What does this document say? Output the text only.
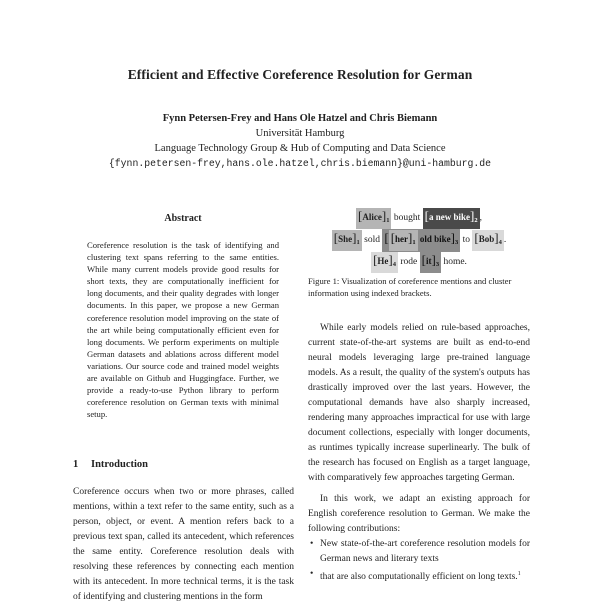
Efficient and Effective Coreference Resolution for German
Fynn Petersen-Frey and Hans Ole Hatzel and Chris Biemann
Universität Hamburg
Language Technology Group & Hub of Computing and Data Science
{fynn.petersen-frey,hans.ole.hatzel,chris.biemann}@uni-hamburg.de
Abstract

Coreference resolution is the task of identifying and clustering text spans referring to the same entities. While many current models provide good results for short texts, they are computationally inefficient for long documents, and their quality degrades with longer documents. In this paper, we propose a new German coreference resolution model improving on the state of the art while being computationally efficient even for long documents. We perform experiments on multiple German datasets and ablations across different model variations. Our source code and trained model weights are available on Github and Huggingface. Further, we provide a ready-to-use Python library to perform coreference resolution on German texts with minimal setup.

1 Introduction

Coreference occurs when two or more phrases, called mentions, within a text refer to the same entity, such as a person, object, or event. A mention refers back to a previous text span, called its antecedent, which references the same entity. Coreference resolution deals with resolving these references by connecting each mention with its antecedent. In more technical terms, it is the task of identifying and clustering mentions in the form

$[Alice]_1$ bought [a new $bike]_2$ ,
$[She]_1$ sold [ $[her]_1$ old $bike]_3$ to $[Bob]_4$ .
$[He]_4$ rode $[it]_3$ home.
Figure 1: Visualization of coreference mentions and cluster information using indexed brackets.

While early models relied on rule-based approaches, current state-of-the-art systems are built as end-to-end neural models leveraging large pre-trained language models. As a result, the quality of the system's outputs has drastically improved over the last years. However, the computational demands have also sharply increased, rendering many approaches impractical for use with large document collections, especially with longer documents, as runtimes typically increase superlinearly. The bulk of the research has focused on English as a target language, with comparatively few approaches targeting German.

In this work, we adapt an existing approach for English coreference resolution to German. We make the following contributions:

• New state-of-the-art coreference resolution models for German news and literary texts
• that are also computationally efficient on long texts.$^1$
